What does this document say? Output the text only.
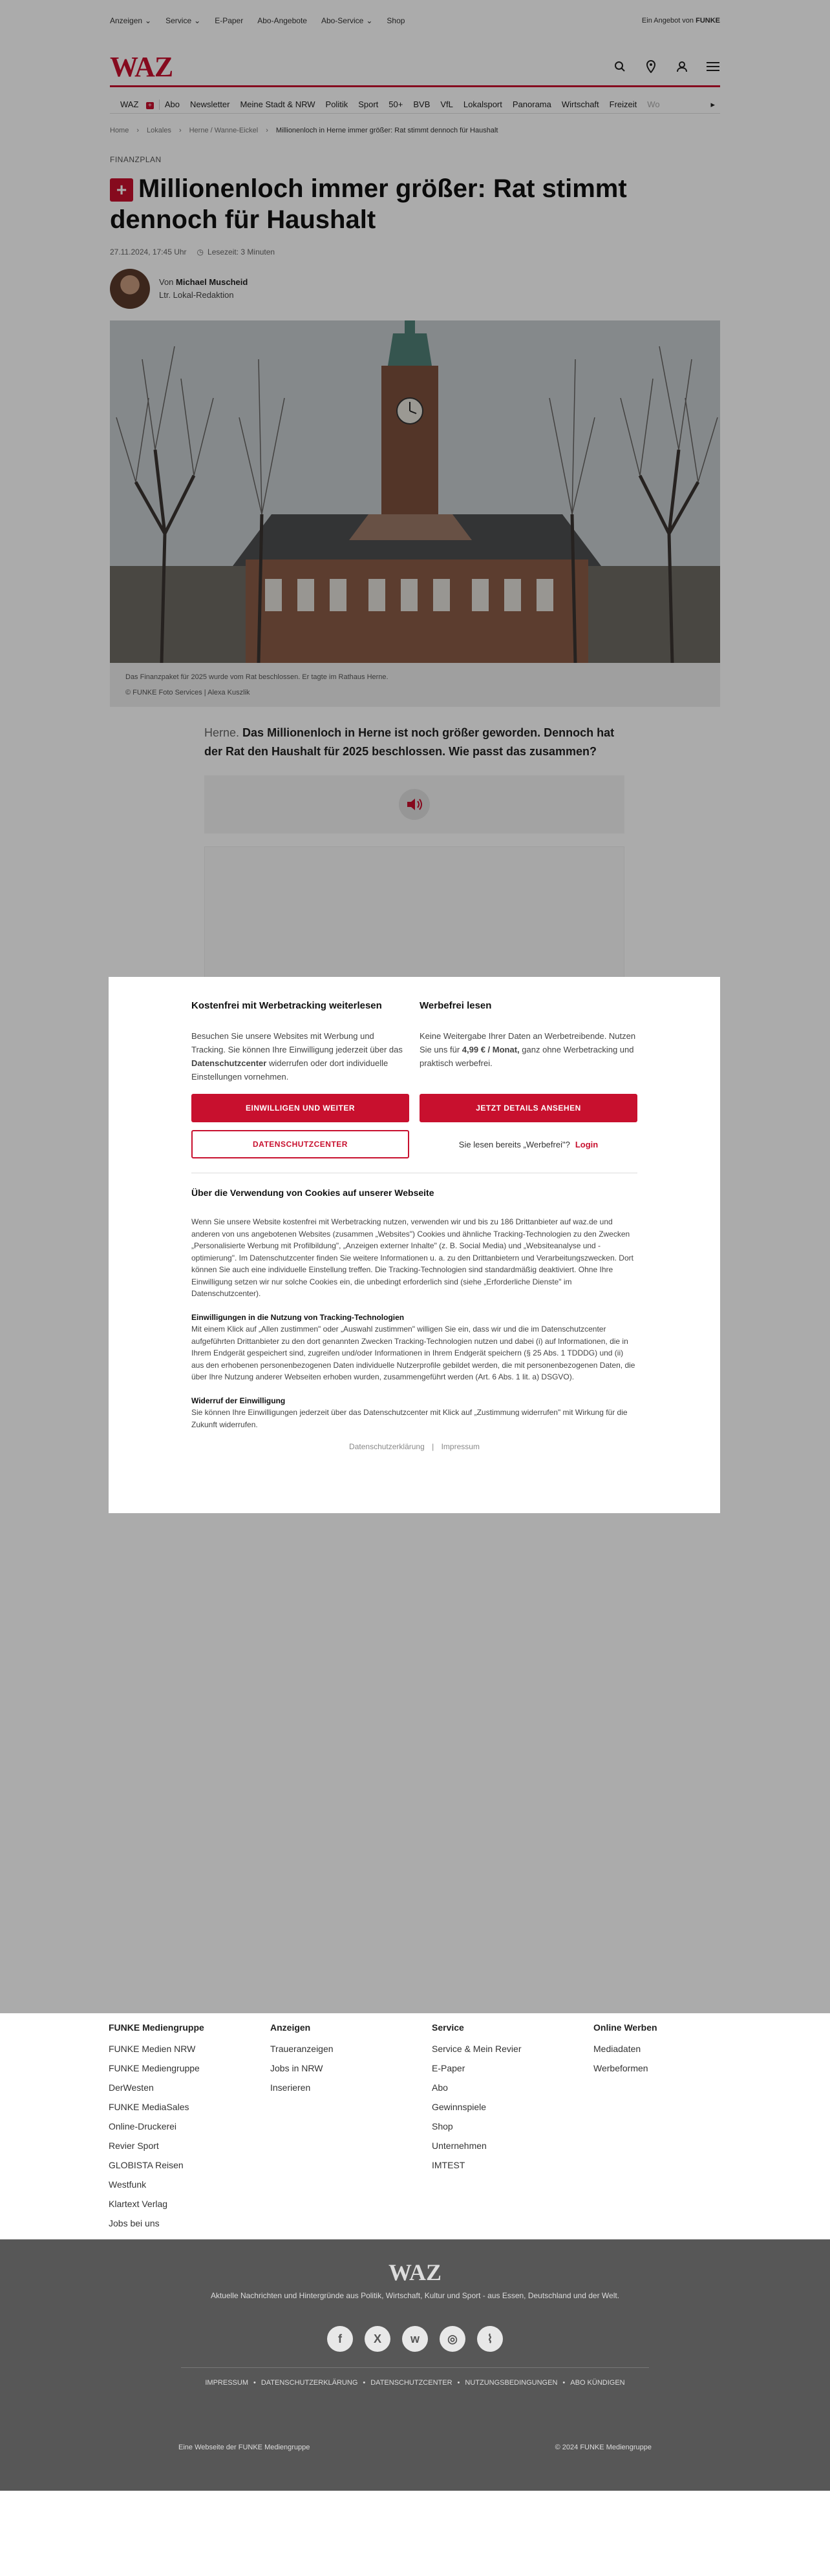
Anzeigen ⌄ Service ⌄ E-Paper Abo-Angebote Abo-Service ⌄ Shop	Ein Angebot von FUNKE
WAZ
WAZ +	Abo	Newsletter	Meine Stadt & NRW	Politik	Sport	50+	BVB	VfL	Lokalsport	Panorama	Wirtschaft	Freizeit	Wo	▸
Home › Lokales › Herne / Wanne-Eickel › Millionenloch in Herne immer größer: Rat stimmt dennoch für Haushalt
FINANZPLAN
+ Millionenloch immer größer: Rat stimmt dennoch für Haushalt
27.11.2024, 17:45 Uhr ◷ Lesezeit: 3 Minuten
Von Michael Muscheid
Ltr. Lokal-Redaktion
Das Finanzpaket für 2025 wurde vom Rat beschlossen. Er tagte im Rathaus Herne.
© FUNKE Foto Services | Alexa Kuszlik

Herne. Das Millionenloch in Herne ist noch größer geworden. Dennoch hat der Rat den Haushalt für 2025 beschlossen. Wie passt das zusammen?

Kostenfrei mit Werbetracking weiterlesen

Besuchen Sie unsere Websites mit Werbung und Tracking. Sie können Ihre Einwilligung jederzeit über das Datenschutzcenter widerrufen oder dort individuelle Einstellungen vornehmen.

EINWILLIGEN UND WEITER
DATENSCHUTZCENTER
Werbefrei lesen

Keine Weitergabe Ihrer Daten an Werbetreibende. Nutzen Sie uns für 4,99 € / Monat, ganz ohne Werbetracking und praktisch werbefrei.

JETZT DETAILS ANSEHEN
Sie lesen bereits „Werbefrei"? Login
Über die Verwendung von Cookies auf unserer Webseite

Wenn Sie unsere Website kostenfrei mit Werbetracking nutzen, verwenden wir und bis zu 186 Drittanbieter auf waz.de und anderen von uns angebotenen Websites (zusammen „Websites") Cookies und ähnliche Tracking-Technologien zu den Zwecken „Personalisierte Werbung mit Profilbildung", „Anzeigen externer Inhalte" (z. B. Social Media) und „Websiteanalyse und -optimierung". Im Datenschutzcenter finden Sie weitere Informationen u. a. zu den Drittanbietern und Verarbeitungszwecken. Dort können Sie auch eine individuelle Einstellung treffen. Die Tracking-Technologien sind standardmäßig deaktiviert. Ohne Ihre Einwilligung setzen wir nur solche Cookies ein, die unbedingt erforderlich sind (siehe „Erforderliche Dienste" im Datenschutzcenter).

Einwilligungen in die Nutzung von Tracking-Technologien

Mit einem Klick auf „Allen zustimmen" oder „Auswahl zustimmen" willigen Sie ein, dass wir und die im Datenschutzcenter aufgeführten Drittanbieter zu den dort genannten Zwecken Tracking-Technologien nutzen und dabei (i) auf Informationen, die in Ihrem Endgerät gespeichert sind, zugreifen und/oder Informationen in Ihrem Endgerät speichern (§ 25 Abs. 1 TDDDG) und (ii) aus den erhobenen personenbezogenen Daten individuelle Nutzerprofile gebildet werden, die mit personenbezogenen Daten, die über Ihre Nutzung anderer Webseiten erhoben wurden, zusammengeführt werden (Art. 6 Abs. 1 lit. a) DSGVO).

Widerruf der Einwilligung

Sie können Ihre Einwilligungen jederzeit über das Datenschutzcenter mit Klick auf „Zustimmung widerrufen" mit Wirkung für die Zukunft widerrufen.

Datenschutzerklärung | Impressum
FUNKE Mediengruppe
FUNKE Medien NRW
FUNKE Mediengruppe
DerWesten
FUNKE MediaSales
Online-Druckerei
Revier Sport
GLOBISTA Reisen
Westfunk
Klartext Verlag
Jobs bei uns
Anzeigen
Traueranzeigen
Jobs in NRW
Inserieren
Service
Service & Mein Revier
E-Paper
Abo
Gewinnspiele
Shop
Unternehmen
IMTEST
Online Werben
Mediadaten
Werbeformen
WAZ
Aktuelle Nachrichten und Hintergründe aus Politik, Wirtschaft, Kultur und Sport - aus Essen, Deutschland und der Welt.
f	X	w	◎	⌇
IMPRESSUM • DATENSCHUTZERKLÄRUNG • DATENSCHUTZCENTER • NUTZUNGSBEDINGUNGEN • ABO KÜNDIGEN
Eine Webseite der FUNKE Mediengruppe	© 2024 FUNKE Mediengruppe
